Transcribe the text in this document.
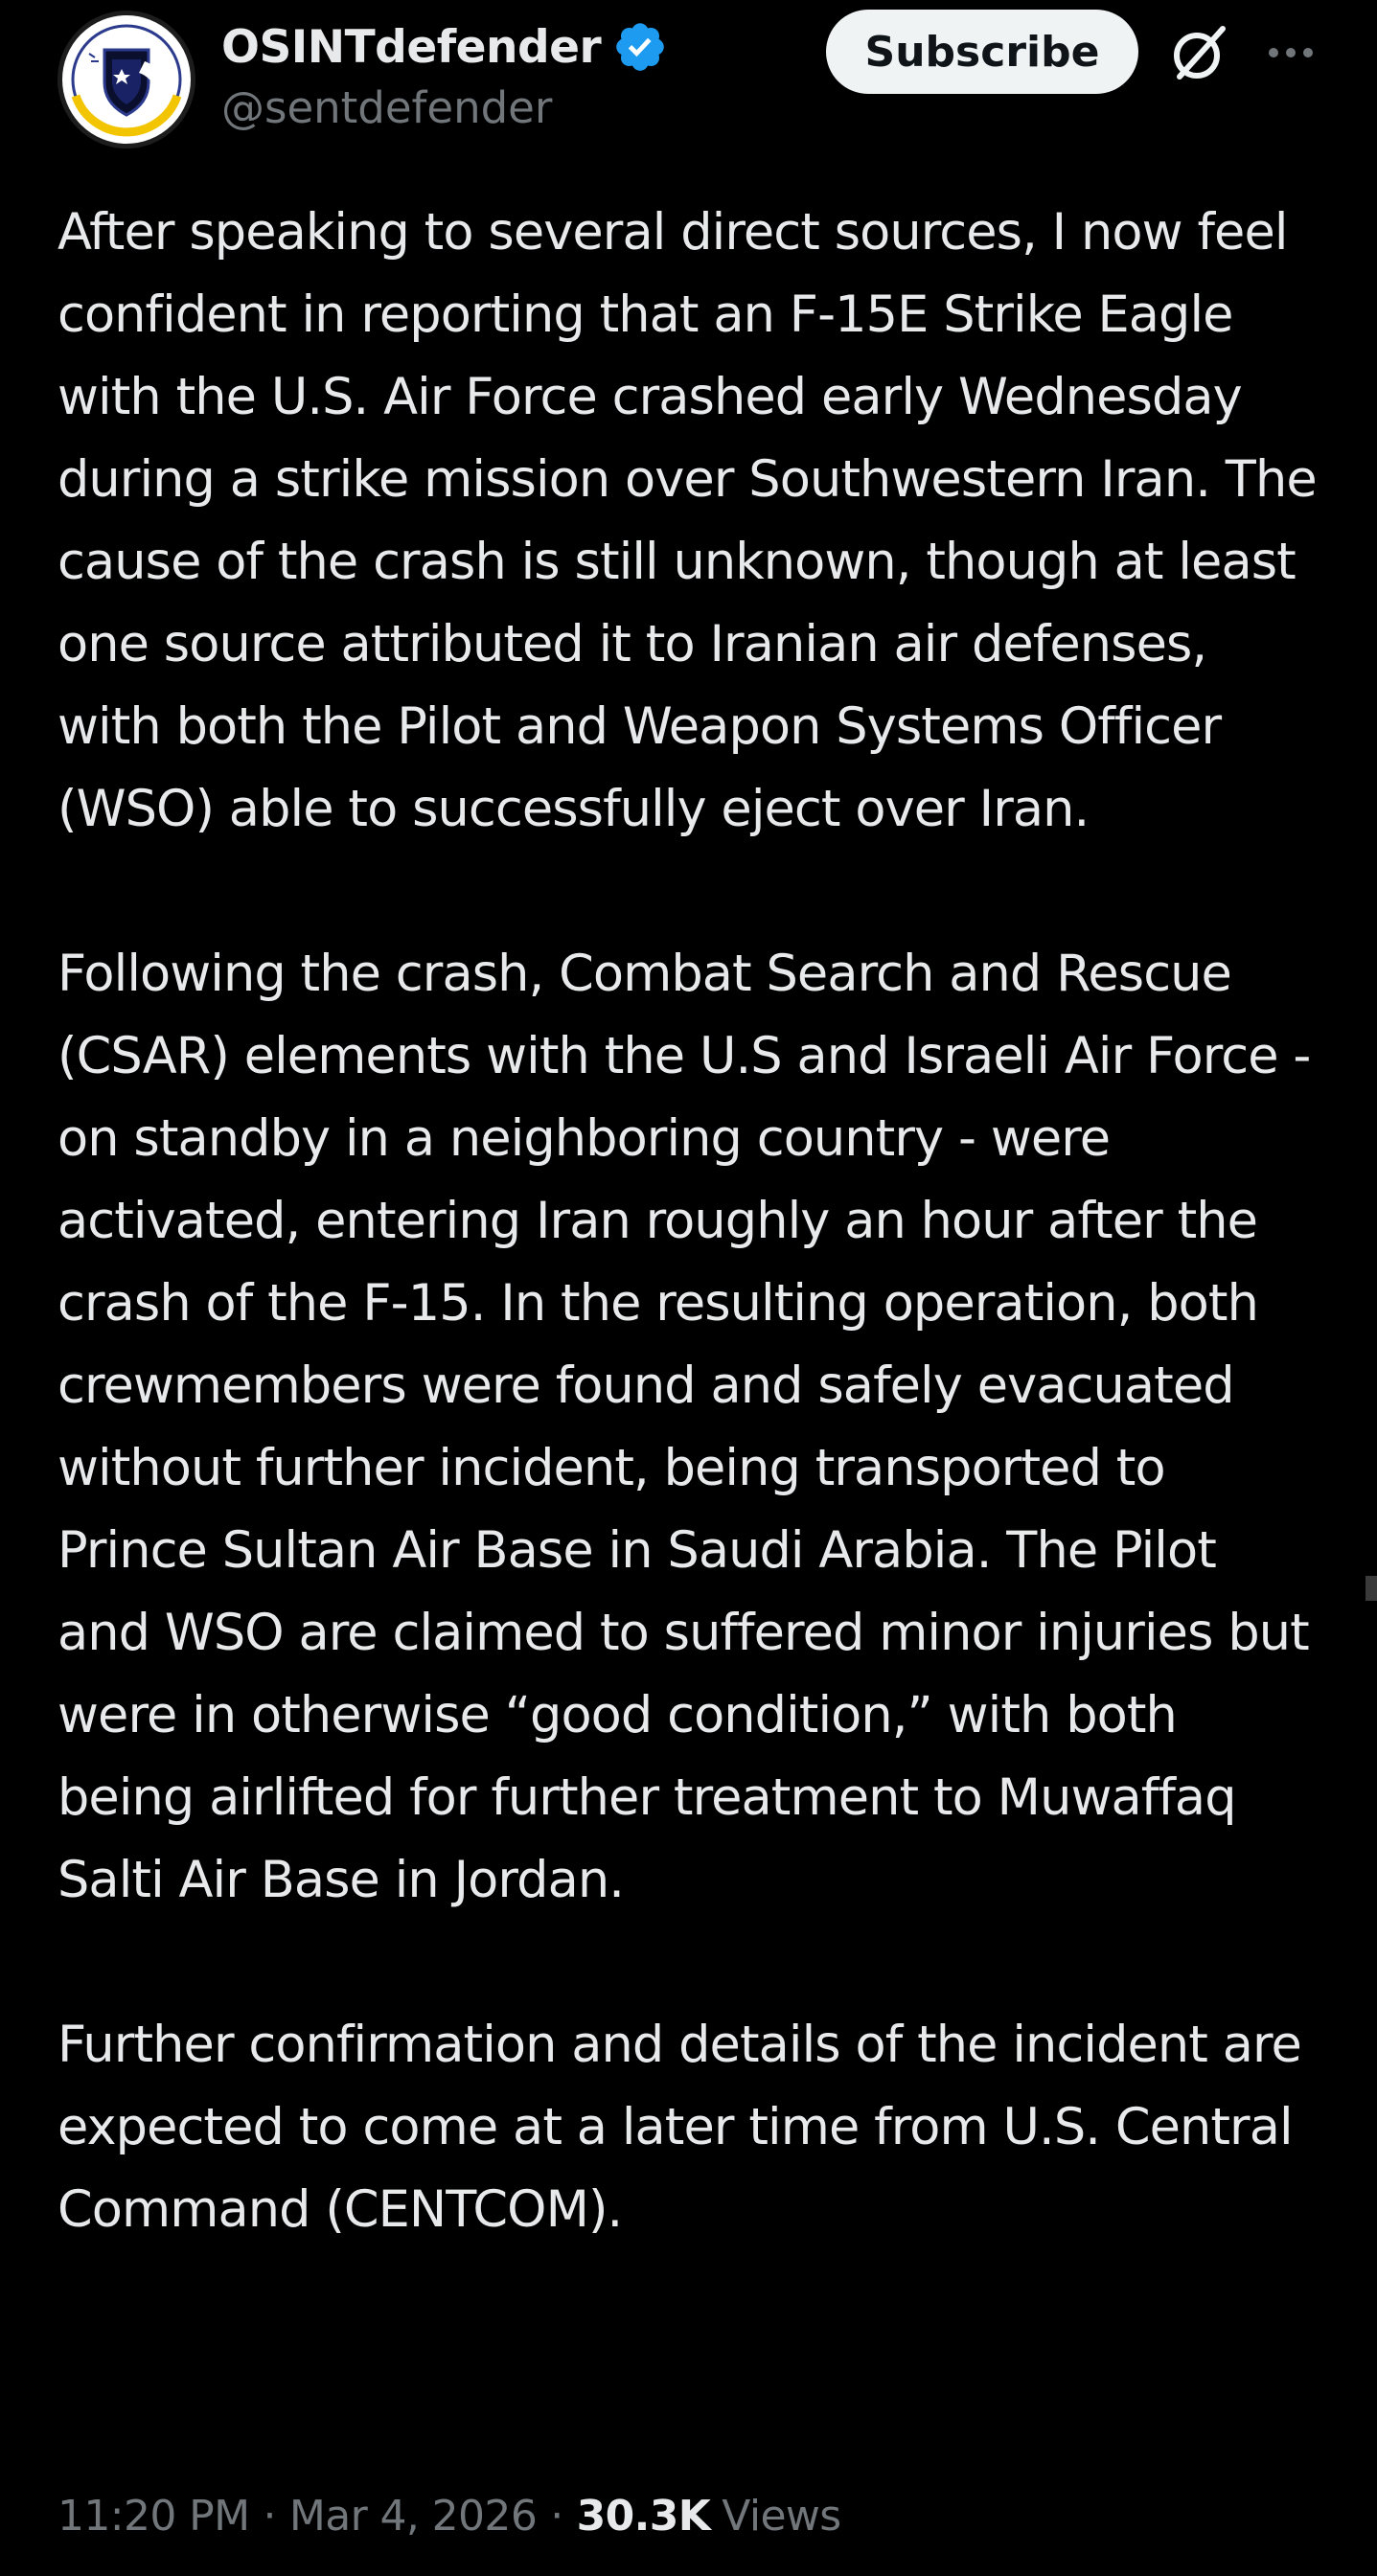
OSINTdefender
@sentdefender
Subscribe

After speaking to several direct sources, I now feel confident in reporting that an F-15E Strike Eagle with the U.S. Air Force crashed early Wednesday during a strike mission over Southwestern Iran. The cause of the crash is still unknown, though at least one source attributed it to Iranian air defenses, with both the Pilot and Weapon Systems Officer (WSO) able to successfully eject over Iran.

Following the crash, Combat Search and Rescue (CSAR) elements with the U.S and Israeli Air Force - on standby in a neighboring country - were activated, entering Iran roughly an hour after the crash of the F-15. In the resulting operation, both crewmembers were found and safely evacuated without further incident, being transported to Prince Sultan Air Base in Saudi Arabia. The Pilot and WSO are claimed to suffered minor injuries but were in otherwise “good condition,” with both being airlifted for further treatment to Muwaffaq Salti Air Base in Jordan.

Further confirmation and details of the incident are expected to come at a later time from U.S. Central Command (CENTCOM).

11:20 PM · Mar 4, 2026 · 30.3K Views
